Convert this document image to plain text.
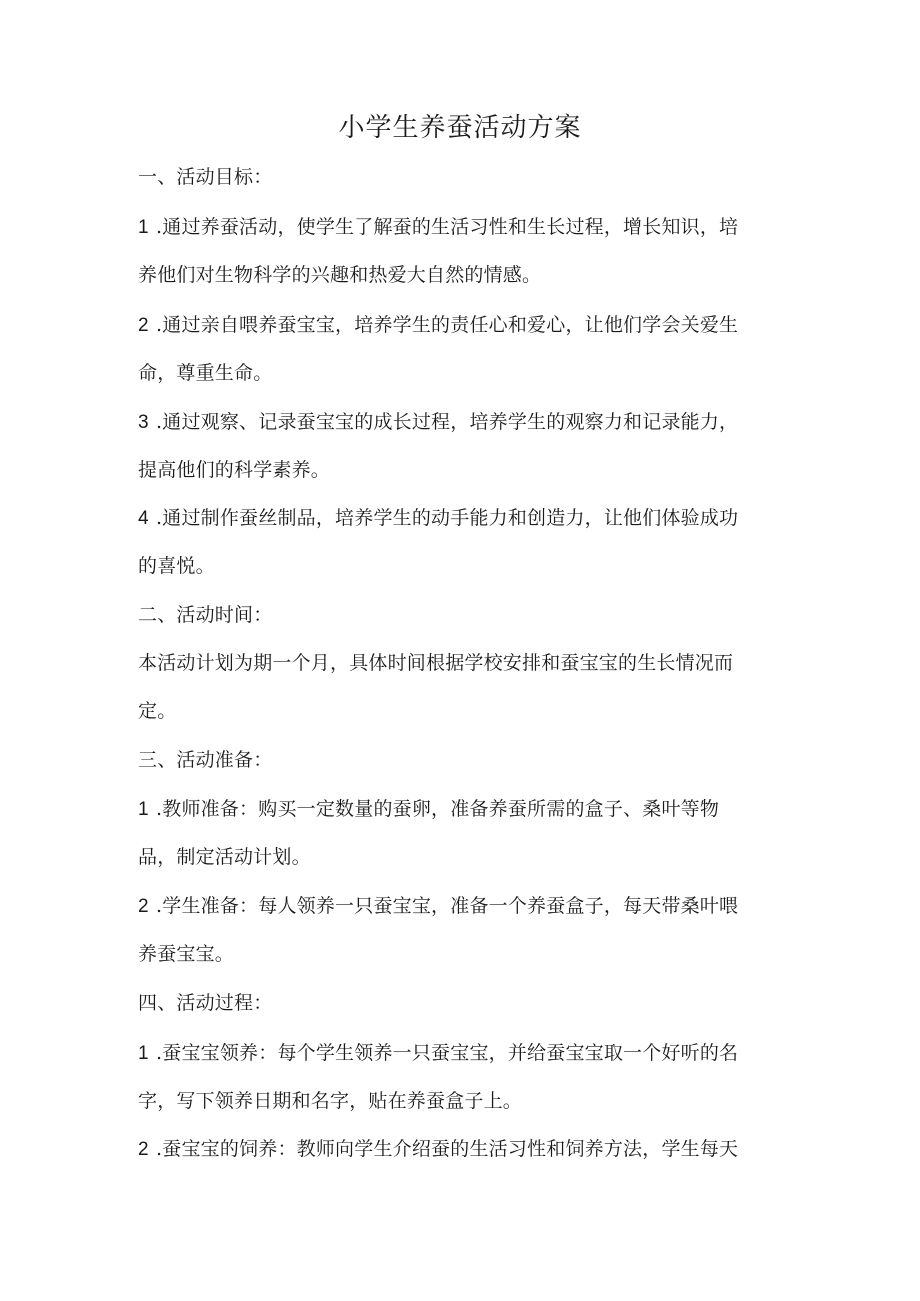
小学生养蚕活动方案
一、活动目标：
1 .通过养蚕活动，使学生了解蚕的生活习性和生长过程，增长知识，培
养他们对生物科学的兴趣和热爱大自然的情感。
2 .通过亲自喂养蚕宝宝，培养学生的责任心和爱心，让他们学会关爱生
命，尊重生命。
3 .通过观察、记录蚕宝宝的成长过程，培养学生的观察力和记录能力，
提高他们的科学素养。
4 .通过制作蚕丝制品，培养学生的动手能力和创造力，让他们体验成功
的喜悦。
二、活动时间：
本活动计划为期一个月，具体时间根据学校安排和蚕宝宝的生长情况而
定。
三、活动准备：
1 .教师准备：购买一定数量的蚕卵，准备养蚕所需的盒子、桑叶等物
品，制定活动计划。
2 .学生准备：每人领养一只蚕宝宝，准备一个养蚕盒子，每天带桑叶喂
养蚕宝宝。
四、活动过程：
1 .蚕宝宝领养：每个学生领养一只蚕宝宝，并给蚕宝宝取一个好听的名
字，写下领养日期和名字，贴在养蚕盒子上。
2 .蚕宝宝的饲养：教师向学生介绍蚕的生活习性和饲养方法，学生每天
